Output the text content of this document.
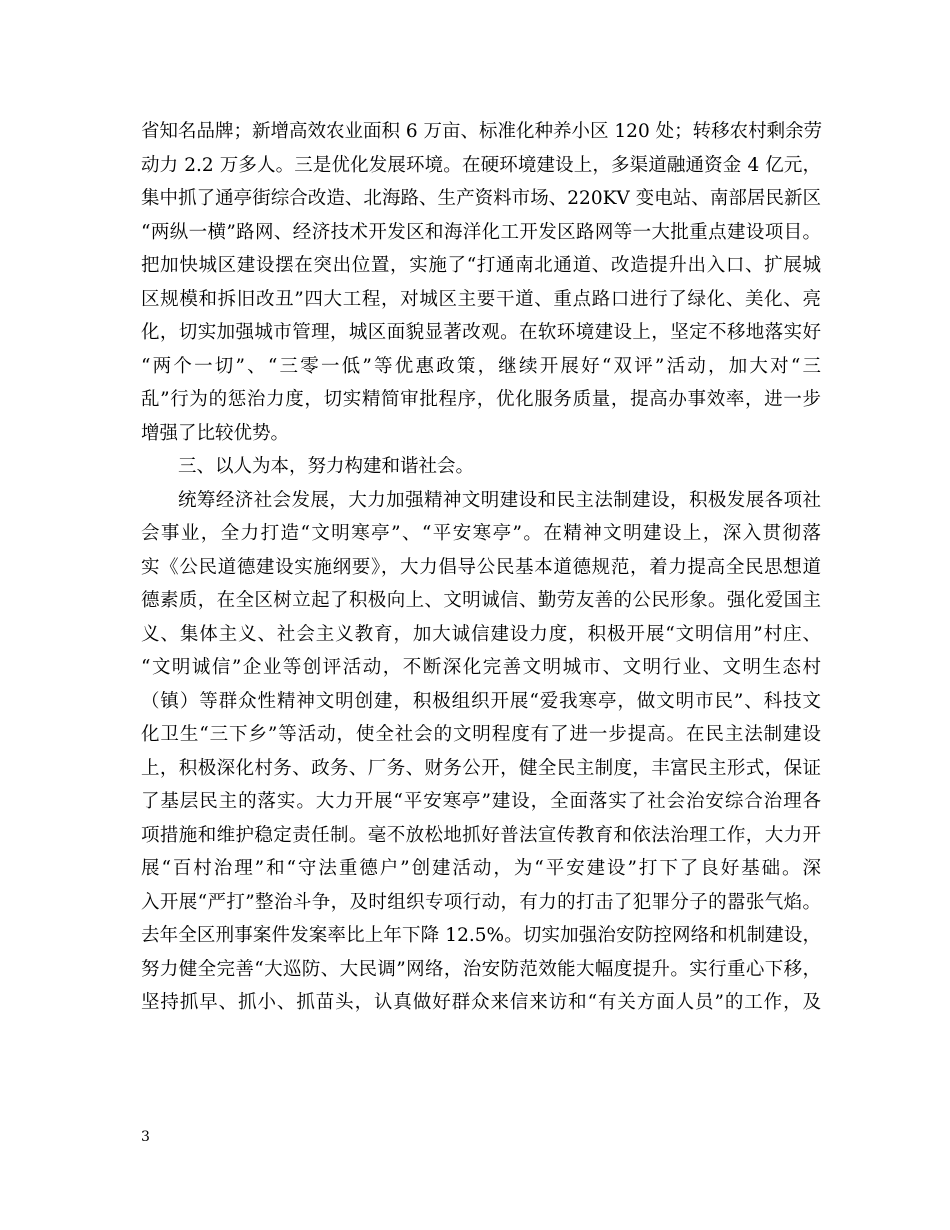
省知名品牌；新增高效农业面积 6 万亩、标准化种养小区 120 处；转移农村剩余劳
动力 2.2 万多人。三是优化发展环境。在硬环境建设上，多渠道融通资金 4 亿元，
集中抓了通亭街综合改造、北海路、生产资料市场、220KV 变电站、南部居民新区
“两纵一横”路网、经济技术开发区和海洋化工开发区路网等一大批重点建设项目。
把加快城区建设摆在突出位置，实施了“打通南北通道、改造提升出入口、扩展城
区规模和拆旧改丑”四大工程，对城区主要干道、重点路口进行了绿化、美化、亮
化，切实加强城市管理，城区面貌显著改观。在软环境建设上，坚定不移地落实好
“两个一切”、“三零一低”等优惠政策，继续开展好“双评”活动，加大对“三
乱”行为的惩治力度，切实精简审批程序，优化服务质量，提高办事效率，进一步
增强了比较优势。
三、以人为本，努力构建和谐社会。
统筹经济社会发展，大力加强精神文明建设和民主法制建设，积极发展各项社
会事业，全力打造“文明寒亭”、“平安寒亭”。在精神文明建设上，深入贯彻落
实《公民道德建设实施纲要》，大力倡导公民基本道德规范，着力提高全民思想道
德素质，在全区树立起了积极向上、文明诚信、勤劳友善的公民形象。强化爱国主
义、集体主义、社会主义教育，加大诚信建设力度，积极开展“文明信用”村庄、
“文明诚信”企业等创评活动，不断深化完善文明城市、文明行业、文明生态村
（镇）等群众性精神文明创建，积极组织开展“爱我寒亭，做文明市民”、科技文
化卫生“三下乡”等活动，使全社会的文明程度有了进一步提高。在民主法制建设
上，积极深化村务、政务、厂务、财务公开，健全民主制度，丰富民主形式，保证
了基层民主的落实。大力开展“平安寒亭”建设，全面落实了社会治安综合治理各
项措施和维护稳定责任制。毫不放松地抓好普法宣传教育和依法治理工作，大力开
展“百村治理”和“守法重德户”创建活动，为“平安建设”打下了良好基础。深
入开展“严打”整治斗争，及时组织专项行动，有力的打击了犯罪分子的嚣张气焰。
去年全区刑事案件发案率比上年下降 12.5%。切实加强治安防控网络和机制建设，
努力健全完善“大巡防、大民调”网络，治安防范效能大幅度提升。实行重心下移，
坚持抓早、抓小、抓苗头，认真做好群众来信来访和“有关方面人员”的工作，及
3
